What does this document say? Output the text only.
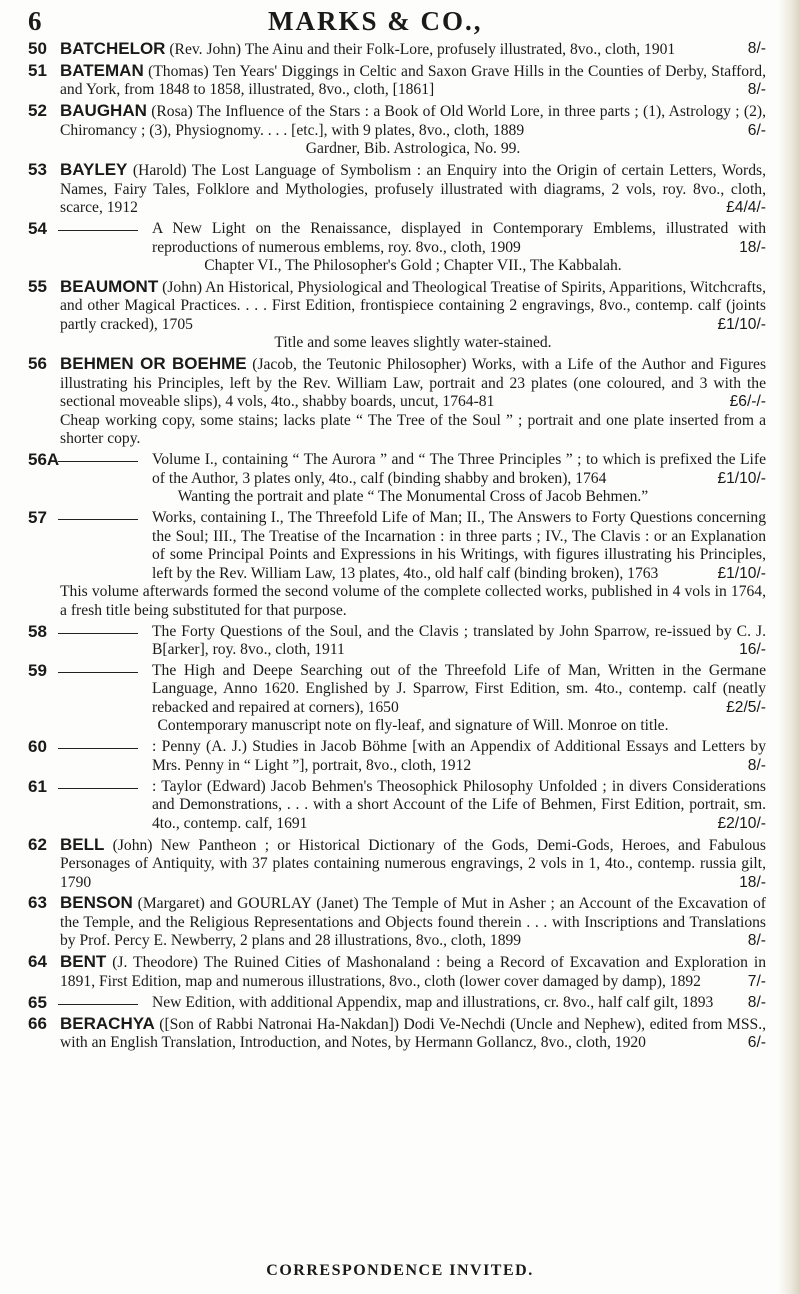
6	MARKS & CO.,
50 BATCHELOR (Rev. John) The Ainu and their Folk-Lore, profusely illustrated, 8vo., cloth, 1901	8/-
51 BATEMAN (Thomas) Ten Years' Diggings in Celtic and Saxon Grave Hills in the Counties of Derby, Stafford, and York, from 1848 to 1858, illustrated, 8vo., cloth, [1861]	8/-
52 BAUGHAN (Rosa) The Influence of the Stars : a Book of Old World Lore, in three parts ; (1), Astrology ; (2), Chiromancy ; (3), Physiognomy. . . . [etc.], with 9 plates, 8vo., cloth, 1889	6/-
Gardner, Bib. Astrologica, No. 99.
53 BAYLEY (Harold) The Lost Language of Symbolism : an Enquiry into the Origin of certain Letters, Words, Names, Fairy Tales, Folklore and Mythologies, profusely illustrated with diagrams, 2 vols, roy. 8vo., cloth, scarce, 1912	£4/4/-
54	A New Light on the Renaissance, displayed in Contemporary Emblems, illustrated with reproductions of numerous emblems, roy. 8vo., cloth, 1909	18/-
Chapter VI., The Philosopher's Gold ; Chapter VII., The Kabbalah.
55 BEAUMONT (John) An Historical, Physiological and Theological Treatise of Spirits, Apparitions, Witchcrafts, and other Magical Practices. . . . First Edition, frontispiece containing 2 engravings, 8vo., contemp. calf (joints partly cracked), 1705	£1/10/-
Title and some leaves slightly water-stained.
56 BEHMEN OR BOEHME (Jacob, the Teutonic Philosopher) Works, with a Life of the Author and Figures illustrating his Principles, left by the Rev. William Law, portrait and 23 plates (one coloured, and 3 with the sectional moveable slips), 4 vols, 4to., shabby boards, uncut, 1764-81	£6/-/-
Cheap working copy, some stains; lacks plate “ The Tree of the Soul ” ; portrait and one plate inserted from a shorter copy.
56A	Volume I., containing “ The Aurora ” and “ The Three Principles ” ; to which is prefixed the Life of the Author, 3 plates only, 4to., calf (binding shabby and broken), 1764	£1/10/-
Wanting the portrait and plate “ The Monumental Cross of Jacob Behmen.”
57	Works, containing I., The Threefold Life of Man; II., The Answers to Forty Questions concerning the Soul; III., The Treatise of the Incarnation : in three parts ; IV., The Clavis : or an Explanation of some Principal Points and Expressions in his Writings, with figures illustrating his Principles, left by the Rev. William Law, 13 plates, 4to., old half calf (binding broken), 1763	£1/10/-
This volume afterwards formed the second volume of the complete collected works, published in 4 vols in 1764, a fresh title being substituted for that purpose.
58	The Forty Questions of the Soul, and the Clavis ; translated by John Sparrow, re-issued by C. J. B[arker], roy. 8vo., cloth, 1911	16/-
59	The High and Deepe Searching out of the Threefold Life of Man, Written in the Germane Language, Anno 1620. Englished by J. Sparrow, First Edition, sm. 4to., contemp. calf (neatly rebacked and repaired at corners), 1650	£2/5/-
Contemporary manuscript note on fly-leaf, and signature of Will. Monroe on title.
60	: Penny (A. J.) Studies in Jacob Böhme [with an Appendix of Additional Essays and Letters by Mrs. Penny in “ Light ”], portrait, 8vo., cloth, 1912	8/-
61	: Taylor (Edward) Jacob Behmen's Theosophick Philosophy Unfolded ; in divers Considerations and Demonstrations, . . . with a short Account of the Life of Behmen, First Edition, portrait, sm. 4to., contemp. calf, 1691	£2/10/-
62 BELL (John) New Pantheon ; or Historical Dictionary of the Gods, Demi-Gods, Heroes, and Fabulous Personages of Antiquity, with 37 plates containing numerous engravings, 2 vols in 1, 4to., contemp. russia gilt, 1790	18/-
63 BENSON (Margaret) and GOURLAY (Janet) The Temple of Mut in Asher ; an Account of the Excavation of the Temple, and the Religious Representations and Objects found therein . . . with Inscriptions and Translations by Prof. Percy E. Newberry, 2 plans and 28 illustrations, 8vo., cloth, 1899	8/-
64 BENT (J. Theodore) The Ruined Cities of Mashonaland : being a Record of Excavation and Exploration in 1891, First Edition, map and numerous illustrations, 8vo., cloth (lower cover damaged by damp), 1892	7/-
65	New Edition, with additional Appendix, map and illustrations, cr. 8vo., half calf gilt, 1893 8/-
66 BERACHYA ([Son of Rabbi Natronai Ha-Nakdan]) Dodi Ve-Nechdi (Uncle and Nephew), edited from MSS., with an English Translation, Introduction, and Notes, by Hermann Gollancz, 8vo., cloth, 1920	6/-
CORRESPONDENCE INVITED.
